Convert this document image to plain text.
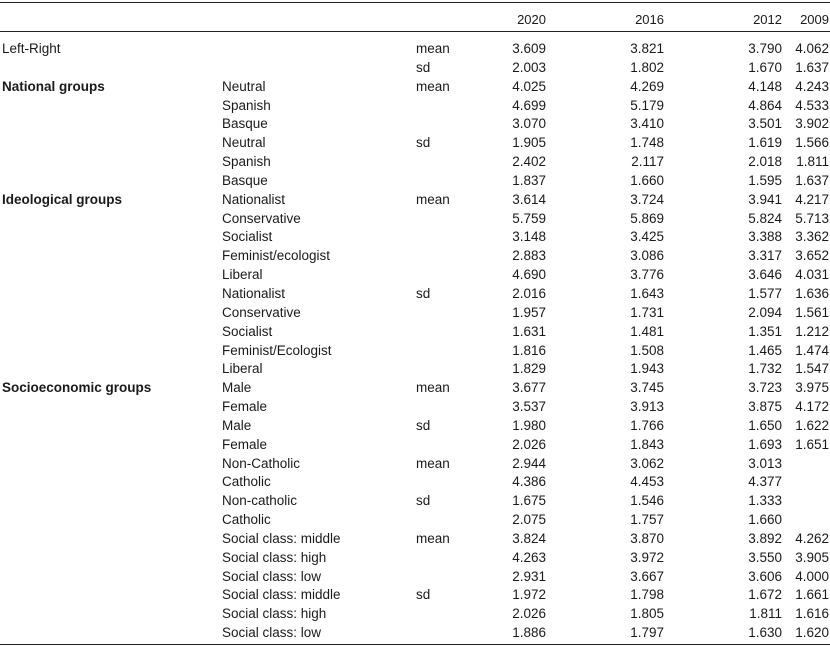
2020	2016	2012	2009
Left-Right	mean	3.609	3.821	3.790 4.062
sd	2.003	1.802	1.670 1.637
National groups	Neutral	mean	4.025	4.269	4.148 4.243
Spanish	4.699	5.179	4.864 4.533
Basque	3.070	3.410	3.501 3.902
Neutral	sd	1.905	1.748	1.619 1.566
Spanish	2.402	2.117	2.018	1.811
Basque	1.837	1.660	1.595 1.637
Ideological groups	Nationalist	mean	3.614	3.724	3.941 4.217
Conservative	5.759	5.869	5.824 5.713
Socialist	3.148	3.425	3.388 3.362
Feminist/ecologist	2.883	3.086	3.317 3.652
Liberal	4.690	3.776	3.646 4.031
Nationalist	sd	2.016	1.643	1.577 1.636
Conservative	1.957	1.731	2.094 1.561
Socialist	1.631	1.481	1.351 1.212
Feminist/Ecologist	1.816	1.508	1.465 1.474
Liberal	1.829	1.943	1.732 1.547
Socioeconomic groups	Male	mean	3.677	3.745	3.723 3.975
Female	3.537	3.913	3.875 4.172
Male	sd	1.980	1.766	1.650 1.622
Female	2.026	1.843	1.693 1.651
Non-Catholic	mean	2.944	3.062	3.013
Catholic	4.386	4.453	4.377
Non-catholic	sd	1.675	1.546	1.333
Catholic	2.075	1.757	1.660
Social class: middle	mean	3.824	3.870	3.892 4.262
Social class: high	4.263	3.972	3.550 3.905
Social class: low	2.931	3.667	3.606 4.000
Social class: middle	sd	1.972	1.798	1.672 1.661
Social class: high	2.026	1.805	1.811 1.616
Social class: low	1.886	1.797	1.630 1.620
